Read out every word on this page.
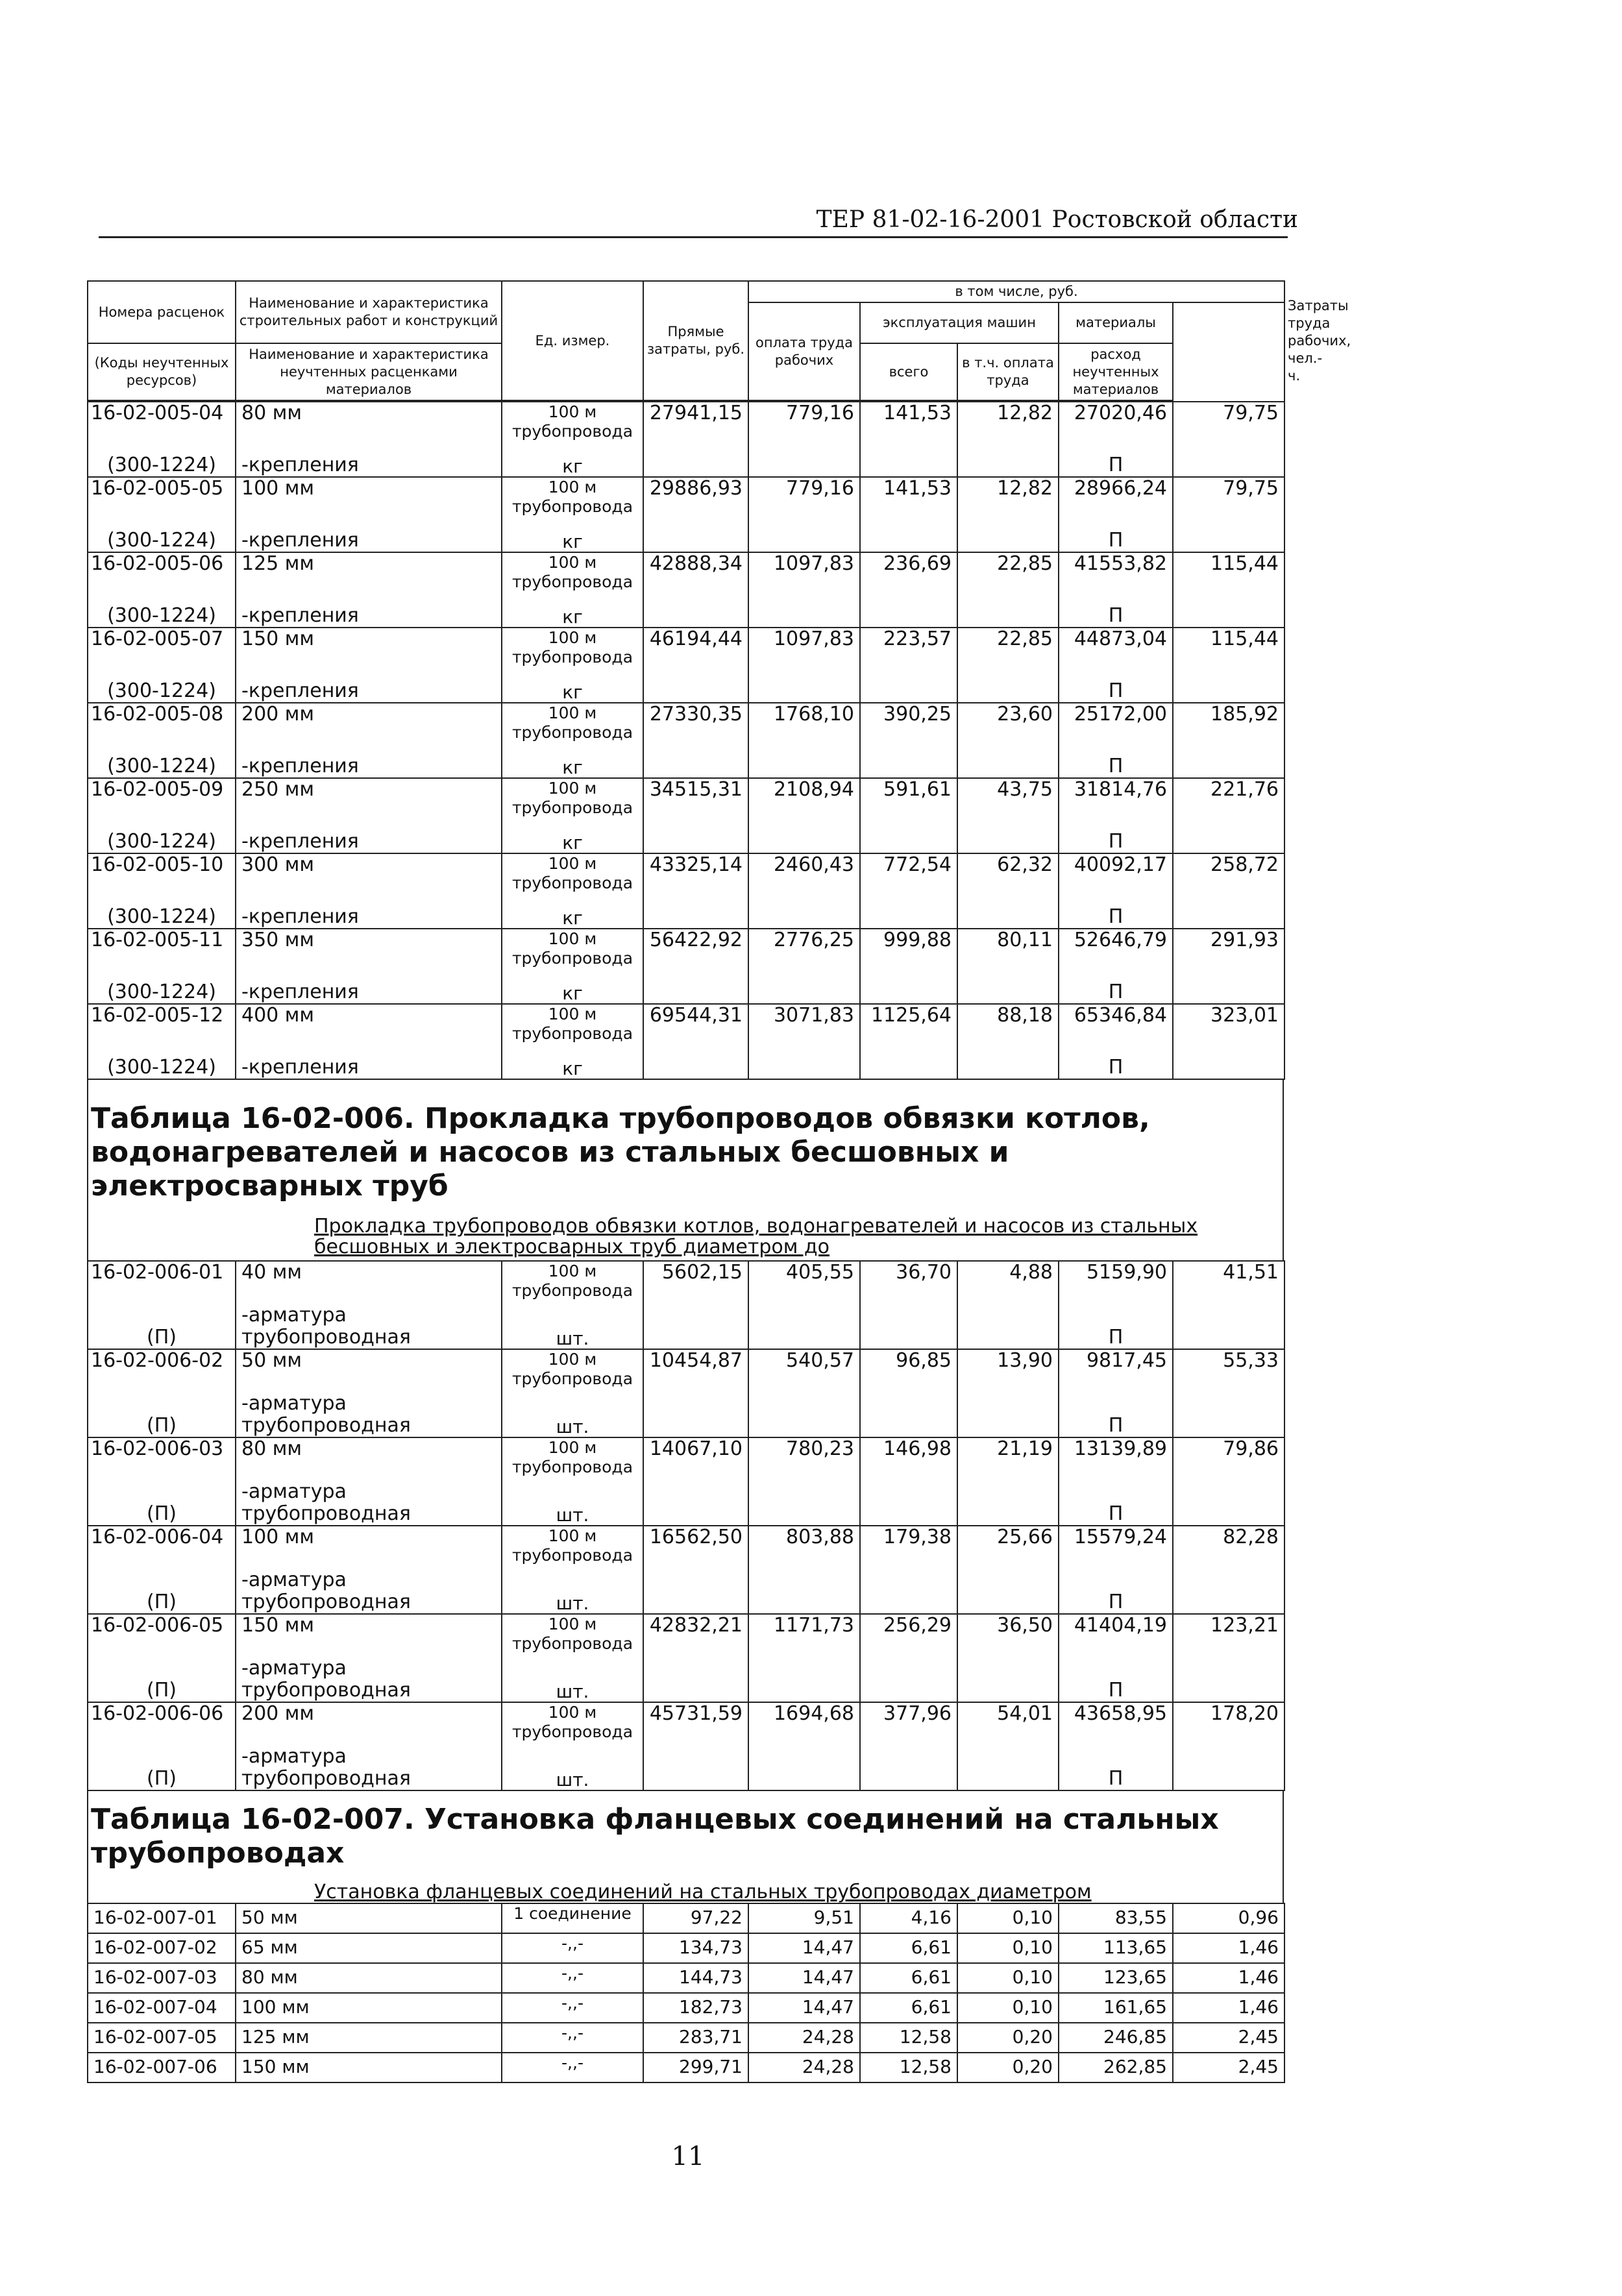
ТЕР 81-02-16-2001 Ростовской области
Номера расценок	Наименование и характеристика строительных работ и конструкций	Ед. измер.	Прямые затраты, руб.	в том числе, руб.				Затраты труда рабочих, чел.-ч.
				оплата труда рабочих	эксплуатация машин		материалы	
(Коды неучтенных ресурсов)	Наименование и характеристика неучтенных расценками материалов				всего	в т.ч. оплата труда	расход неучтенных материалов	

16-02-005-04	80 мм	100 м трубопровода	27941,15	779,16	141,53	12,82	27020,46	79,75
(300-1224)	-крепления	кг					П	
16-02-005-05	100 мм	100 м трубопровода	29886,93	779,16	141,53	12,82	28966,24	79,75
(300-1224)	-крепления	кг					П	
16-02-005-06	125 мм	100 м трубопровода	42888,34	1097,83	236,69	22,85	41553,82	115,44
(300-1224)	-крепления	кг					П	
16-02-005-07	150 мм	100 м трубопровода	46194,44	1097,83	223,57	22,85	44873,04	115,44
(300-1224)	-крепления	кг					П	
16-02-005-08	200 мм	100 м трубопровода	27330,35	1768,10	390,25	23,60	25172,00	185,92
(300-1224)	-крепления	кг					П	
16-02-005-09	250 мм	100 м трубопровода	34515,31	2108,94	591,61	43,75	31814,76	221,76
(300-1224)	-крепления	кг					П	
16-02-005-10	300 мм	100 м трубопровода	43325,14	2460,43	772,54	62,32	40092,17	258,72
(300-1224)	-крепления	кг					П	
16-02-005-11	350 мм	100 м трубопровода	56422,92	2776,25	999,88	80,11	52646,79	291,93
(300-1224)	-крепления	кг					П	
16-02-005-12	400 мм	100 м трубопровода	69544,31	3071,83	1125,64	88,18	65346,84	323,01
(300-1224)	-крепления	кг					П	
Таблица 16-02-006. Прокладка трубопроводов обвязки котлов, водонагревателей и насосов из стальных бесшовных и электросварных труб
Прокладка трубопроводов обвязки котлов, водонагревателей и насосов из стальных бесшовных и электросварных труб диаметром до
16-02-006-01	40 мм	100 м трубопровода	5602,15	405,55	36,70	4,88	5159,90	41,51
(П)	-арматура трубопроводная	шт.					П	
16-02-006-02	50 мм	100 м трубопровода	10454,87	540,57	96,85	13,90	9817,45	55,33
(П)	-арматура трубопроводная	шт.					П	
16-02-006-03	80 мм	100 м трубопровода	14067,10	780,23	146,98	21,19	13139,89	79,86
(П)	-арматура трубопроводная	шт.					П	
16-02-006-04	100 мм	100 м трубопровода	16562,50	803,88	179,38	25,66	15579,24	82,28
(П)	-арматура трубопроводная	шт.					П	
16-02-006-05	150 мм	100 м трубопровода	42832,21	1171,73	256,29	36,50	41404,19	123,21
(П)	-арматура трубопроводная	шт.					П	
16-02-006-06	200 мм	100 м трубопровода	45731,59	1694,68	377,96	54,01	43658,95	178,20
(П)	-арматура трубопроводная	шт.					П	
Таблица 16-02-007. Установка фланцевых соединений на стальных трубопроводах
Установка фланцевых соединений на стальных трубопроводах диаметром
16-02-007-01	50 мм	1 соединение	97,22	9,51	4,16	0,10	83,55	0,96
16-02-007-02	65 мм	-,,-	134,73	14,47	6,61	0,10	113,65	1,46
16-02-007-03	80 мм	-,,-	144,73	14,47	6,61	0,10	123,65	1,46
16-02-007-04	100 мм	-,,-	182,73	14,47	6,61	0,10	161,65	1,46
16-02-007-05	125 мм	-,,-	283,71	24,28	12,58	0,20	246,85	2,45
16-02-007-06	150 мм	-,,-	299,71	24,28	12,58	0,20	262,85	2,45
11
